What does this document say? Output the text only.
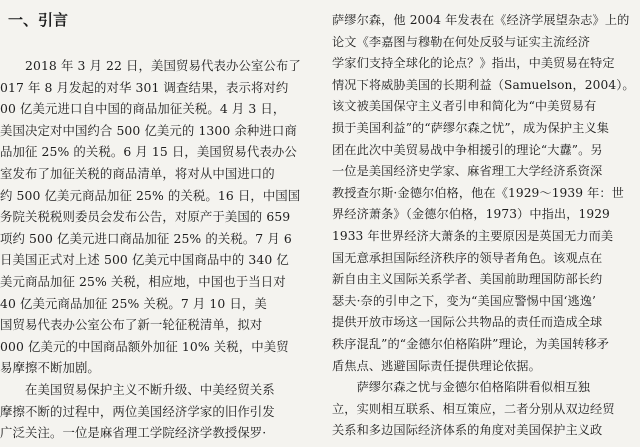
一、引言
　　2018 年 3 月 22 日，美国贸易代表办公室公布了
017 年 8 月发起的对华 301 调查结果，表示将对约
00 亿美元进口自中国的商品加征关税。4 月 3 日，
美国决定对中国约合 500 亿美元的 1300 余种进口商
品加征 25% 的关税。6 月 15 日，美国贸易代表办公
室发布了加征关税的商品清单，将对从中国进口的
约 500 亿美元商品加征 25% 的关税。16 日，中国国
务院关税税则委员会发布公告，对原产于美国的 659
项约 500 亿美元进口商品加征 25% 的关税。7 月 6
日美国正式对上述 500 亿美元中国商品中的 340 亿
美元商品加征 25% 关税，相应地，中国也于当日对
40 亿美元商品加征 25% 关税。7 月 10 日，美
国贸易代表办公室公布了新一轮征税清单，拟对
000 亿美元的中国商品额外加征 10% 关税，中美贸
易摩擦不断加剧。
　　在美国贸易保护主义不断升级、中美经贸关系
摩擦不断的过程中，两位美国经济学家的旧作引发
广泛关注。一位是麻省理工学院经济学教授保罗·
萨缪尔森，他 2004 年发表在《经济学展望杂志》上的
论文《李嘉图与穆勒在何处反驳与证实主流经济
学家们支持全球化的论点？》指出，中美贸易在特定
情况下将威胁美国的长期利益（Samuelson，2004）。
该文被美国保守主义者引申和简化为“中美贸易有
损于美国利益”的“萨缪尔森之忧”，成为保护主义集
团在此次中美贸易战中争相援引的理论“大纛”。另
一位是美国经济史学家、麻省理工大学经济系资深
教授查尔斯·金德尔伯格，他在《1929～1939 年：世
界经济萧条》（金德尔伯格，1973）中指出，1929
1933 年世界经济大萧条的主要原因是英国无力而美
国无意承担国际经济秩序的领导者角色。该观点在
新自由主义国际关系学者、美国前助理国防部长约
瑟夫·奈的引申之下，变为“美国应警惕中国‘逃逸’
提供开放市场这一国际公共物品的责任而造成全球
秩序混乱”的“金德尔伯格陷阱”理论，为美国转移矛
盾焦点、逃避国际责任提供理论依据。
　　萨缪尔森之忧与金德尔伯格陷阱看似相互独
立，实则相互联系、相互策应，二者分别从双边经贸
关系和多边国际经济体系的角度对美国保护主义政
